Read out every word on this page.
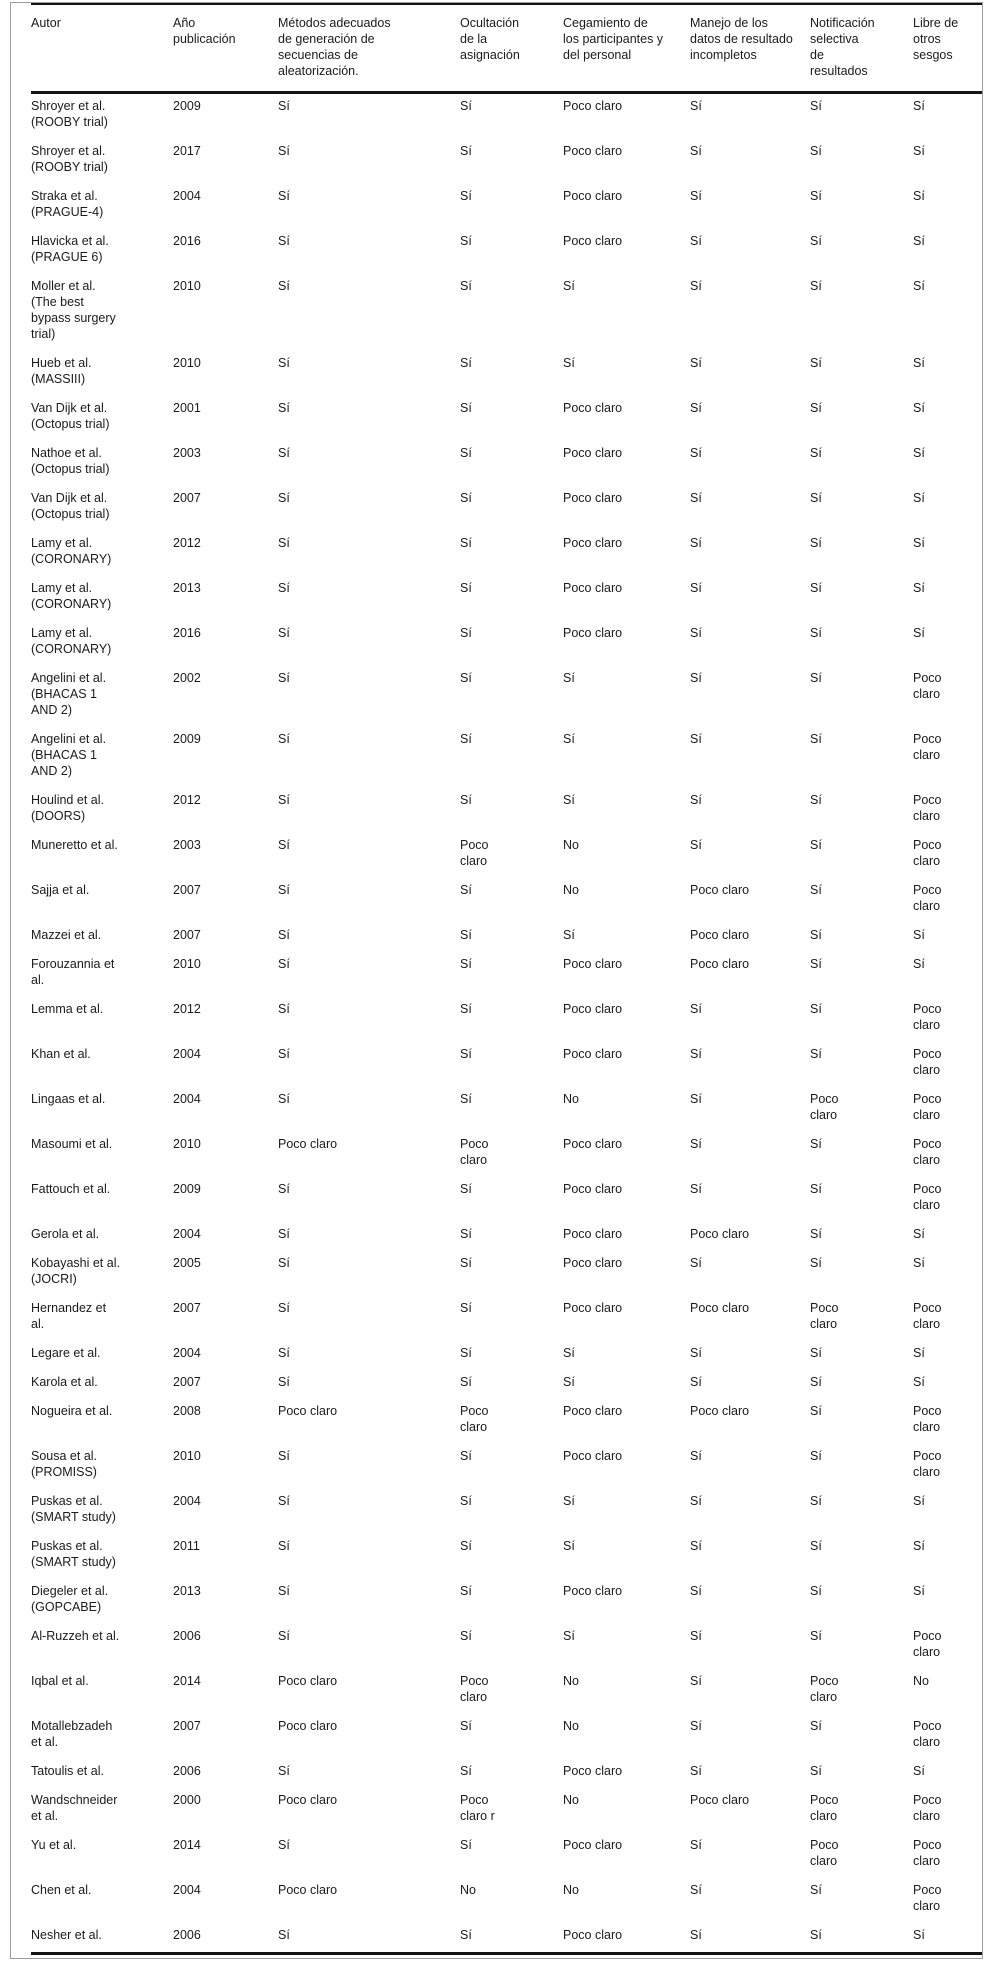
Autor	Año publicación	Métodos adecuados de generación de secuencias de aleatorización.	Ocultación de la asignación	Cegamiento de los participantes y del personal	Manejo de los datos de resultado incompletos	Notificación selectiva de resultados	Libre de otros sesgos
Shroyer et al. (ROOBY trial)	2009	Sí	Sí	Poco claro	Sí	Sí	Sí
Shroyer et al. (ROOBY trial)	2017	Sí	Sí	Poco claro	Sí	Sí	Sí
Straka et al. (PRAGUE-4)	2004	Sí	Sí	Poco claro	Sí	Sí	Sí
Hlavicka et al. (PRAGUE 6)	2016	Sí	Sí	Poco claro	Sí	Sí	Sí
Moller et al. (The best bypass surgery trial)	2010	Sí	Sí	Sí	Sí	Sí	Sí
Hueb et al. (MASSIII)	2010	Sí	Sí	Sí	Sí	Sí	Sí
Van Dijk et al. (Octopus trial)	2001	Sí	Sí	Poco claro	Sí	Sí	Sí
Nathoe et al. (Octopus trial)	2003	Sí	Sí	Poco claro	Sí	Sí	Sí
Van Dijk et al. (Octopus trial)	2007	Sí	Sí	Poco claro	Sí	Sí	Sí
Lamy et al. (CORONARY)	2012	Sí	Sí	Poco claro	Sí	Sí	Sí
Lamy et al. (CORONARY)	2013	Sí	Sí	Poco claro	Sí	Sí	Sí
Lamy et al. (CORONARY)	2016	Sí	Sí	Poco claro	Sí	Sí	Sí
Angelini et al. (BHACAS 1 AND 2)	2002	Sí	Sí	Sí	Sí	Sí	Poco claro
Angelini et al. (BHACAS 1 AND 2)	2009	Sí	Sí	Sí	Sí	Sí	Poco claro
Houlind et al. (DOORS)	2012	Sí	Sí	Sí	Sí	Sí	Poco claro
Muneretto et al.	2003	Sí	Poco claro	No	Sí	Sí	Poco claro
Sajja et al.	2007	Sí	Sí	No	Poco claro	Sí	Poco claro
Mazzei et al.	2007	Sí	Sí	Sí	Poco claro	Sí	Sí
Forouzannia et al.	2010	Sí	Sí	Poco claro	Poco claro	Sí	Sí
Lemma et al.	2012	Sí	Sí	Poco claro	Sí	Sí	Poco claro
Khan et al.	2004	Sí	Sí	Poco claro	Sí	Sí	Poco claro
Lingaas et al.	2004	Sí	Sí	No	Sí	Poco claro	Poco claro
Masoumi et al.	2010	Poco claro	Poco claro	Poco claro	Sí	Sí	Poco claro
Fattouch et al.	2009	Sí	Sí	Poco claro	Sí	Sí	Poco claro
Gerola et al.	2004	Sí	Sí	Poco claro	Poco claro	Sí	Sí
Kobayashi et al. (JOCRI)	2005	Sí	Sí	Poco claro	Sí	Sí	Sí
Hernandez et al.	2007	Sí	Sí	Poco claro	Poco claro	Poco claro	Poco claro
Legare et al.	2004	Sí	Sí	Sí	Sí	Sí	Sí
Karola et al.	2007	Sí	Sí	Sí	Sí	Sí	Sí
Nogueira et al.	2008	Poco claro	Poco claro	Poco claro	Poco claro	Sí	Poco claro
Sousa et al. (PROMISS)	2010	Sí	Sí	Poco claro	Sí	Sí	Poco claro
Puskas et al. (SMART study)	2004	Sí	Sí	Sí	Sí	Sí	Sí
Puskas et al. (SMART study)	2011	Sí	Sí	Sí	Sí	Sí	Sí
Diegeler et al. (GOPCABE)	2013	Sí	Sí	Poco claro	Sí	Sí	Sí
Al-Ruzzeh et al.	2006	Sí	Sí	Sí	Sí	Sí	Poco claro
Iqbal et al.	2014	Poco claro	Poco claro	No	Sí	Poco claro	No
Motallebzadeh et al.	2007	Poco claro	Sí	No	Sí	Sí	Poco claro
Tatoulis et al.	2006	Sí	Sí	Poco claro	Sí	Sí	Sí
Wandschneider et al.	2000	Poco claro	Poco claro r	No	Poco claro	Poco claro	Poco claro
Yu et al.	2014	Sí	Sí	Poco claro	Sí	Poco claro	Poco claro
Chen et al.	2004	Poco claro	No	No	Sí	Sí	Poco claro
Nesher et al.	2006	Sí	Sí	Poco claro	Sí	Sí	Sí
